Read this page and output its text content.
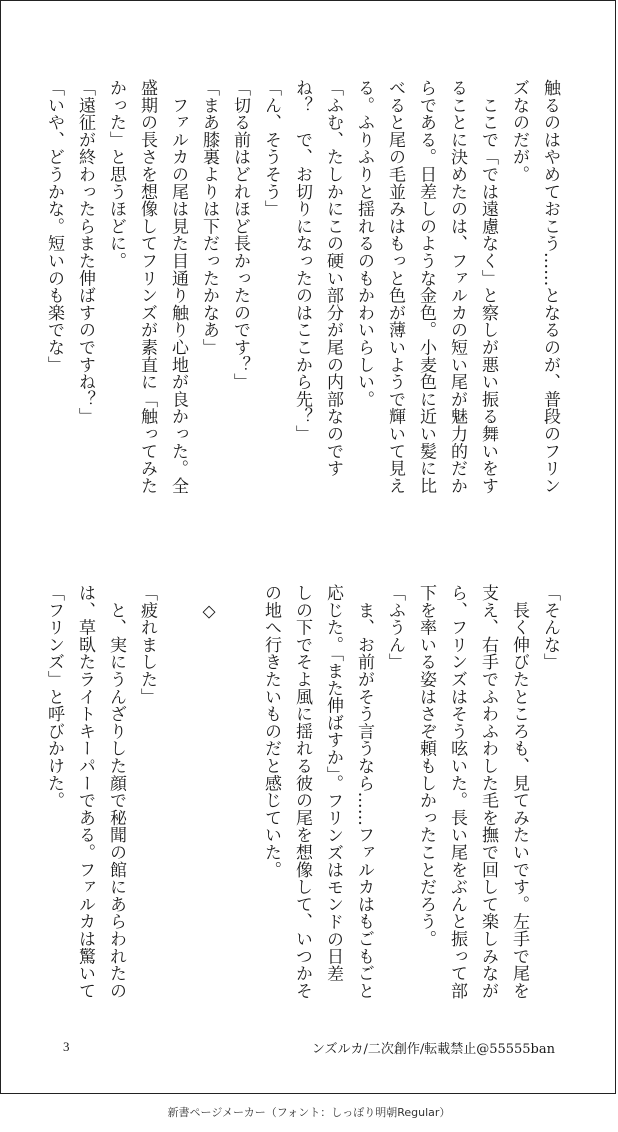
触るのはやめておこう……となるのが、普段のフリン
ズなのだが。
　ここで「では遠慮なく」と察しが悪い振る舞いをす
ることに決めたのは、ファルカの短い尾が魅力的だか
らである。日差しのような金色。小麦色に近い髪に比
べると尾の毛並みはもっと色が薄いようで輝いて見え
る。ふりふりと揺れるのもかわいらしい。
「ふむ、たしかにこの硬い部分が尾の内部なのです
ね？　で、お切りになったのはここから先？」
「ん、そうそう」
「切る前はどれほど長かったのです？」
「まあ膝裏よりは下だったかなあ」
　ファルカの尾は見た目通り触り心地が良かった。全
盛期の長さを想像してフリンズが素直に「触ってみた
かった」と思うほどに。
「遠征が終わったらまた伸ばすのですね？」
「いや、どうかな。短いのも楽でな」
「そんな」
　長く伸びたところも、見てみたいです。左手で尾を
支え、右手でふわふわした毛を撫で回して楽しみなが
ら、フリンズはそう呟いた。長い尾をぶんと振って部
下を率いる姿はさぞ頼もしかったことだろう。
「ふうん」
　ま、お前がそう言うなら……ファルカはもごもごと
応じた。「また伸ばすか」。フリンズはモンドの日差
しの下でそよ風に揺れる彼の尾を想像して、いつかそ
の地へ行きたいものだと感じていた。

　◇

「疲れました」
　と、実にうんざりした顔で秘聞の館にあらわれたの
は、草臥たライトキーパーである。ファルカは驚いて
「フリンズ」と呼びかけた。
3	ンズルカ/二次創作/転載禁止@55555ban
新書ページメーカー（フォント：しっぽり明朝Regular）
